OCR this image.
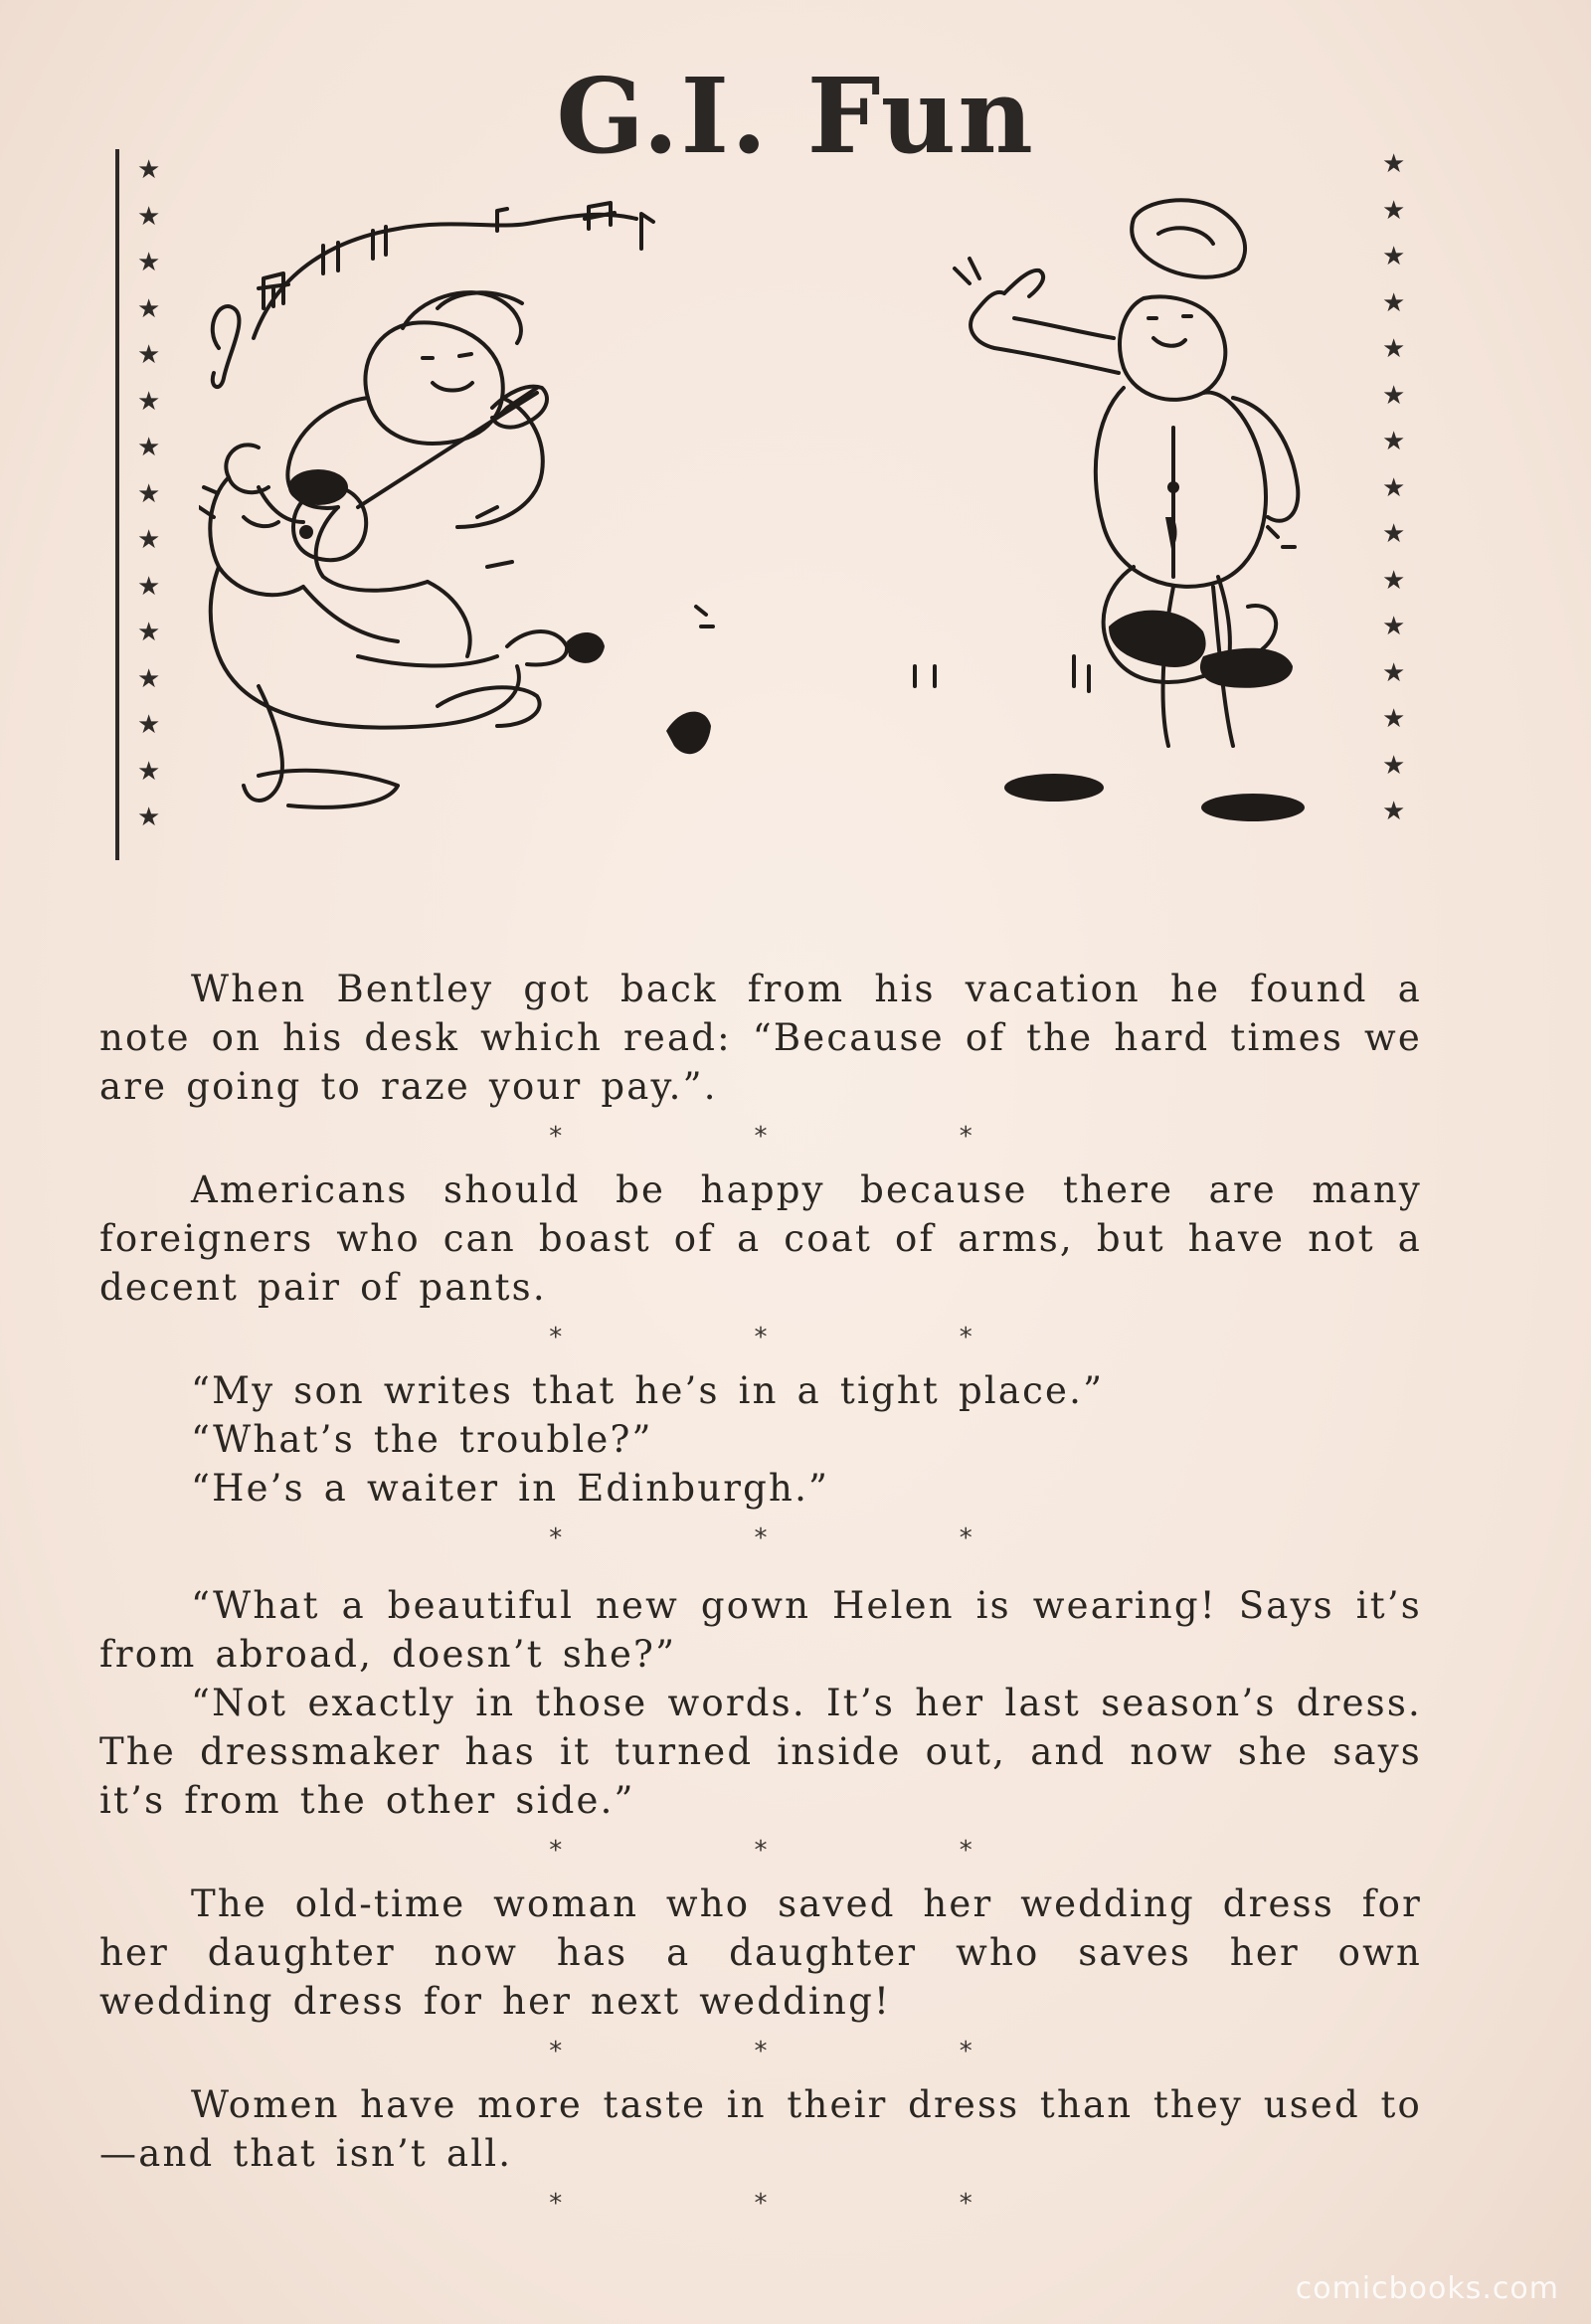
G.I. Fun
★
★
★
★
★
★
★
★
★
★
★
★
★
★
★
★
★
★
★
★
★
★
★
★
★
★
★
★
★
★

When Bentley got back from his vacation he found a note on his desk which read: “Because of the hard times we are going to raze your pay.”.

* * *

Americans should be happy because there are many foreigners who can boast of a coat of arms, but have not a decent pair of pants.

* * *

“My son writes that he’s in a tight place.”

“What’s the trouble?”

“He’s a waiter in Edinburgh.”

* * *

“What a beautiful new gown Helen is wearing! Says it’s from abroad, doesn’t she?”

“Not exactly in those words. It’s her last season’s dress. The dressmaker has it turned inside out, and now she says it’s from the other side.”

* * *

The old-time woman who saved her wedding dress for her daughter now has a daughter who saves her own wedding dress for her next wedding!

* * *

Women have more taste in their dress than they used to—and that isn’t all.

* * *
comicbooks.com
